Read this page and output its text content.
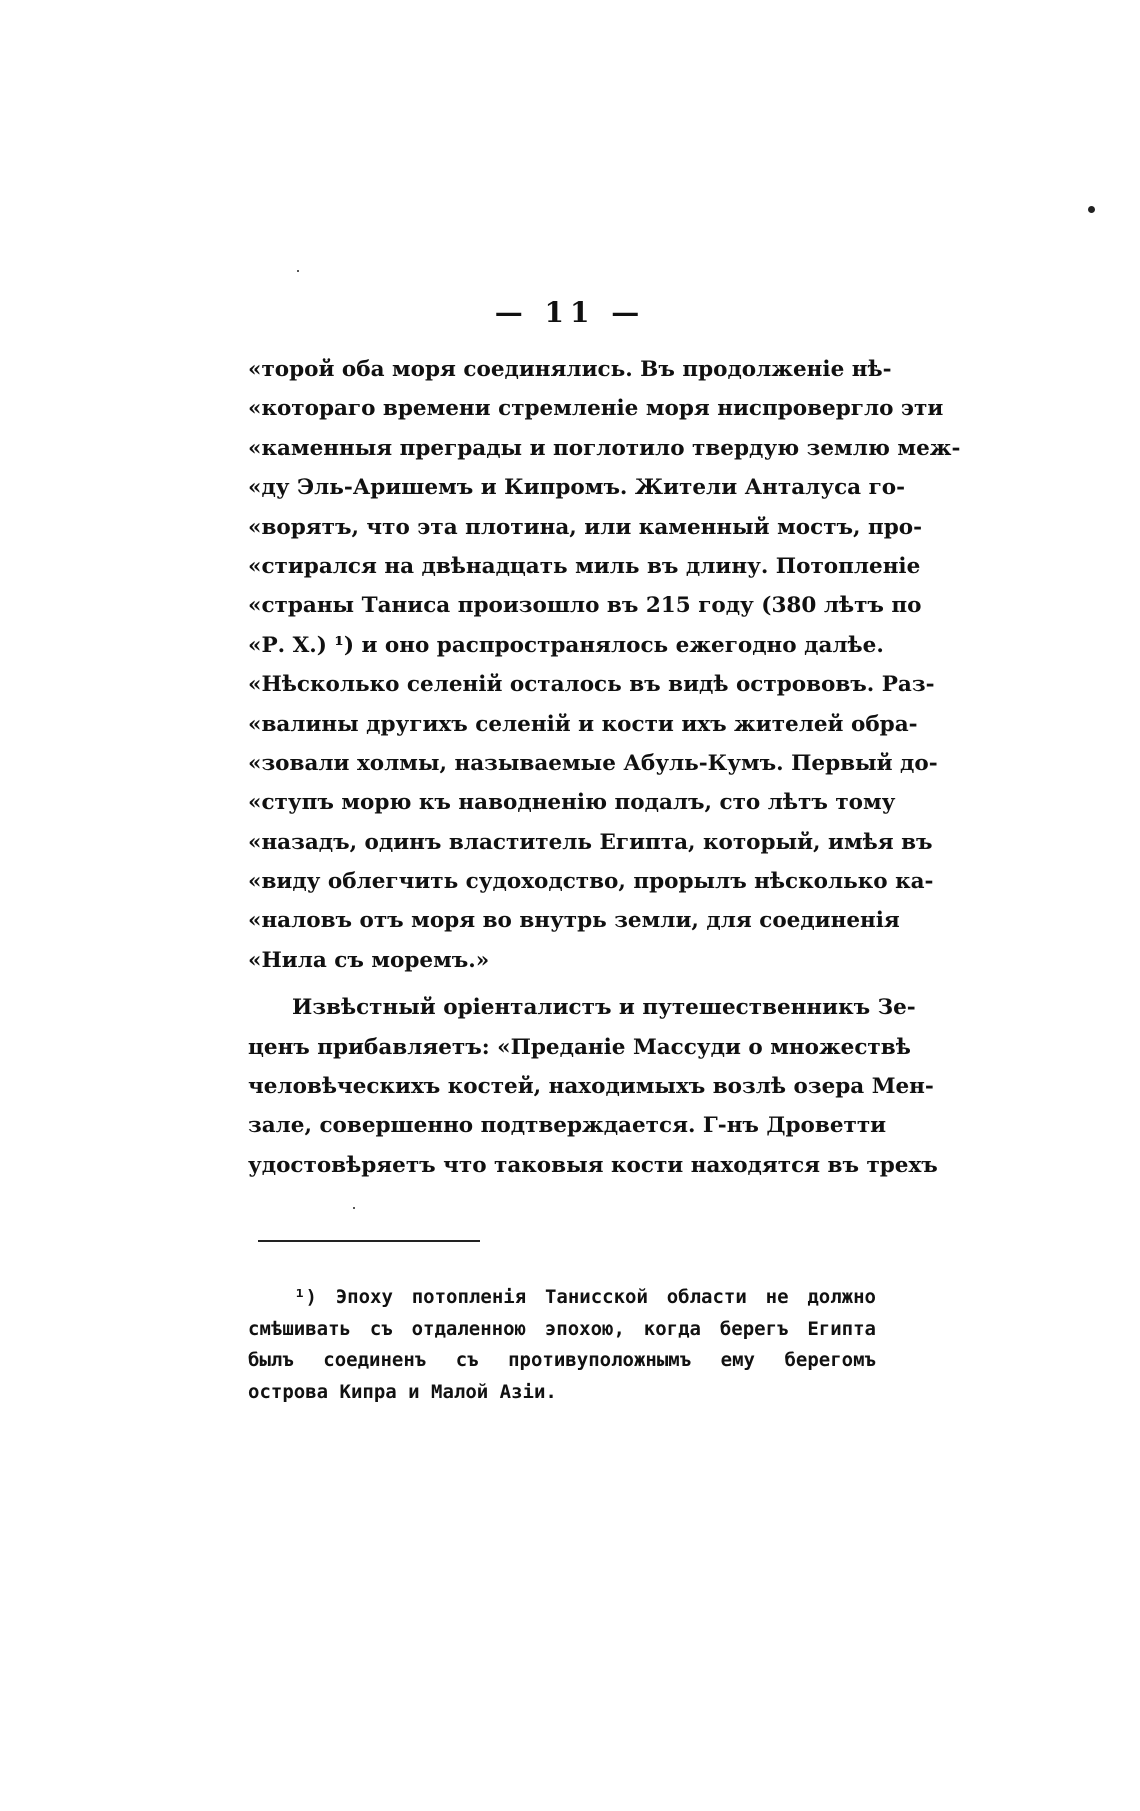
— 11 —
«торой оба моря соединялись. Въ продолженіе нѣ-
«котораго времени стремленіе моря ниспровергло эти
«каменныя преграды и поглотило твердую землю меж-
«ду Эль-Аришемъ и Кипромъ. Жители Анталуса го-
«ворятъ, что эта плотина, или каменный мостъ, про-
«стирался на двѣнадцать миль въ длину. Потопленіе
«страны Таниса произошло въ 215 году (380 лѣтъ по
«Р. Х.) ¹) и оно распространялось ежегодно далѣе.
«Нѣсколько селеній осталось въ видѣ острововъ. Раз-
«валины другихъ селеній и кости ихъ жителей обра-
«зовали холмы, называемые Абуль-Кумъ. Первый до-
«ступъ морю къ наводненію подалъ, сто лѣтъ тому
«назадъ, одинъ властитель Египта, который, имѣя въ
«виду облегчить судоходство, прорылъ нѣсколько ка-
«наловъ отъ моря во внутрь земли, для соединенія
«Нила съ моремъ.»
Извѣстный оріенталистъ и путешественникъ Зе-
ценъ прибавляетъ: «Преданіе Массуди о множествѣ
человѣческихъ костей, находимыхъ возлѣ озера Мен-
зале, совершенно подтверждается. Г-нъ Дроветти
удостовѣряетъ что таковыя кости находятся въ трехъ
¹) Эпоху потопленія Танисской области не должно
смѣшивать съ отдаленною эпохою, когда берегъ Египта
былъ соединенъ съ противуположнымъ ему берегомъ
острова Кипра и Малой Азіи.
